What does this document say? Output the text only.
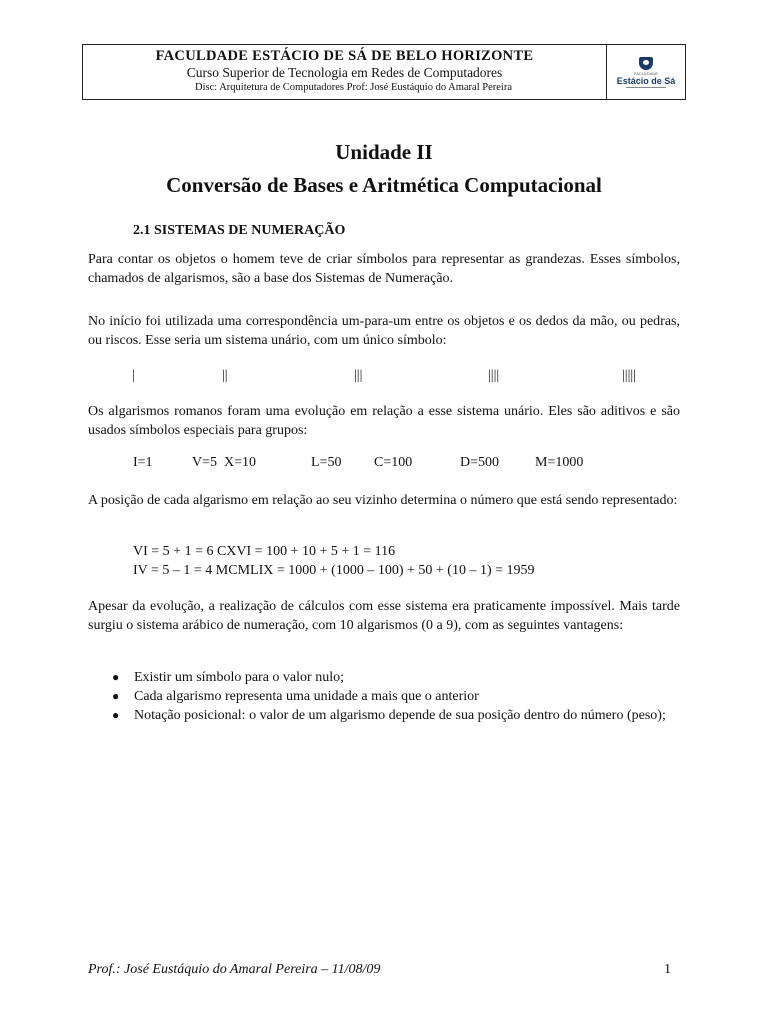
FACULDADE ESTÁCIO DE SÁ DE BELO HORIZONTE
Curso Superior de Tecnologia em Redes de Computadores
Disc: Arquitetura de Computadores Prof: José Eustáquio do Amaral Pereira
FACULDADE
Estácio de Sá
Unidade II
Conversão de Bases e Aritmética Computacional
2.1 SISTEMAS DE NUMERAÇÃO
Para contar os objetos o homem teve de criar símbolos para representar as grandezas. Esses símbolos, chamados de algarismos, são a base dos Sistemas de Numeração.
No início foi utilizada uma correspondência um-para-um entre os objetos e os dedos da mão, ou pedras, ou riscos. Esse seria um sistema unário, com um único símbolo:
|	||	|||	||||	|||||
Os algarismos romanos foram uma evolução em relação a esse sistema unário. Eles são aditivos e são usados símbolos especiais para grupos:
I=1	V=5 X=10	L=50 C=100	D=500	M=1000
A posição de cada algarismo em relação ao seu vizinho determina o número que está sendo representado:
VI = 5 + 1 = 6 CXVI = 100 + 10 + 5 + 1 = 116
IV = 5 – 1 = 4 MCMLIX = 1000 + (1000 – 100) + 50 + (10 – 1) = 1959
Apesar da evolução, a realização de cálculos com esse sistema era praticamente impossível. Mais tarde surgiu o sistema arábico de numeração, com 10 algarismos (0 a 9), com as seguintes vantagens:
●	Existir um símbolo para o valor nulo;
●	Cada algarismo representa uma unidade a mais que o anterior
●	Notação posicional: o valor de um algarismo depende de sua posição dentro do número (peso);
Prof.: José Eustáquio do Amaral Pereira – 11/08/09	1
